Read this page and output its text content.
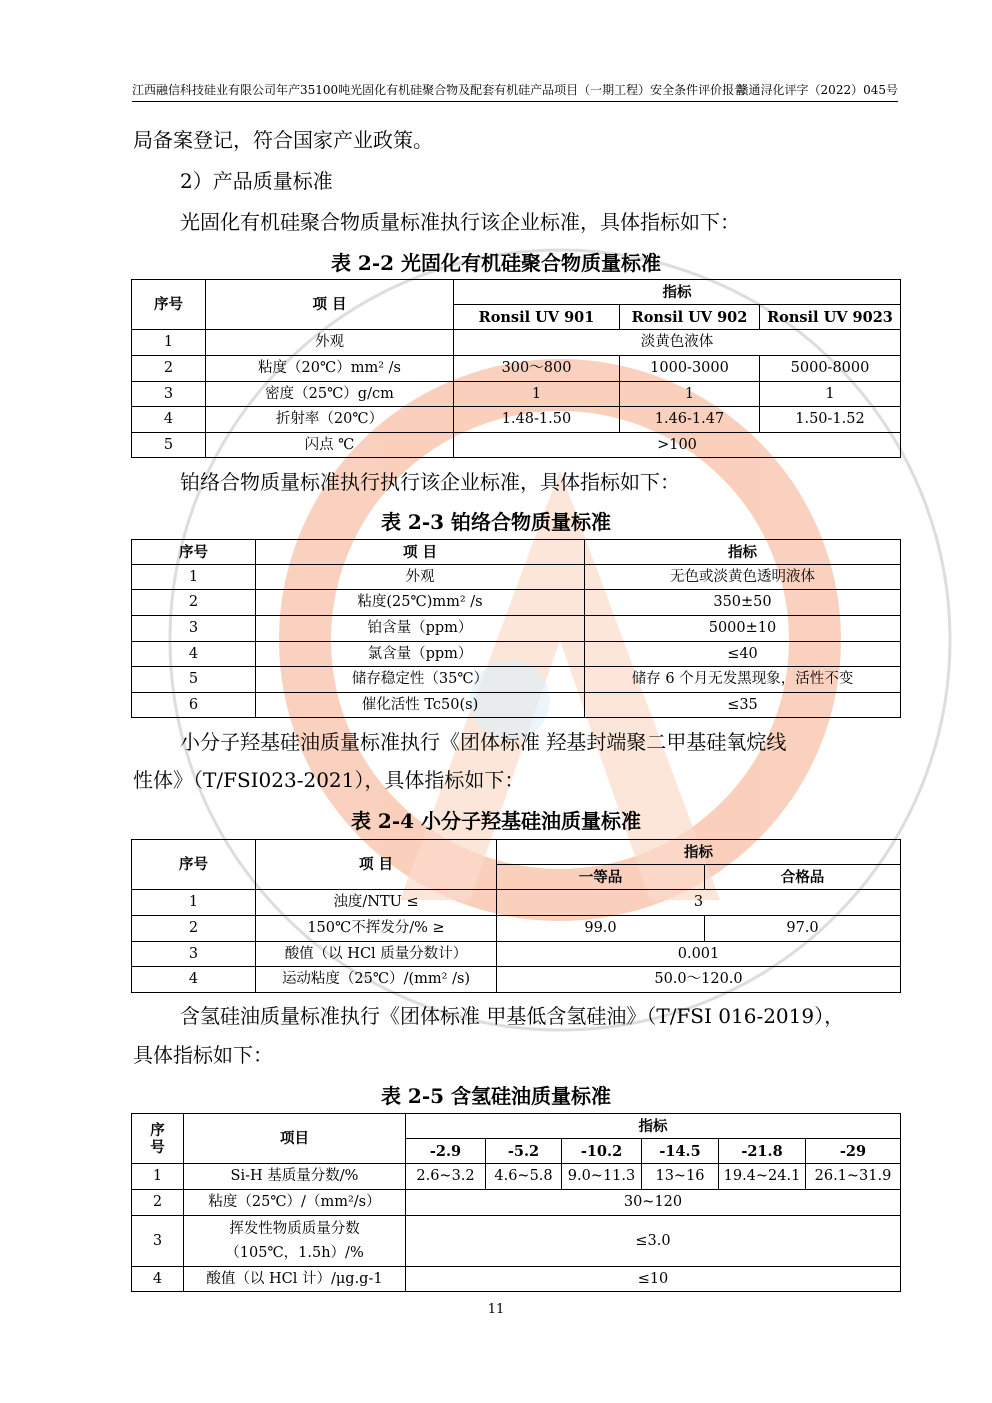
江西融信科技硅业有限公司年产35100吨光固化有机硅聚合物及配套有机硅产品项目（一期工程）安全条件评价报告
赣通浔化评字（2022）045号
局备案登记，符合国家产业政策。
2）产品质量标准
光固化有机硅聚合物质量标准执行该企业标准，具体指标如下：
表 2-2 光固化有机硅聚合物质量标准
序号	项 目	指标		
		Ronsil UV 901	Ronsil UV 902	Ronsil UV 9023
1	外观	淡黄色液体		
2	粘度（20℃）mm² /s	300～800	1000-3000	5000-8000
3	密度（25℃）g/cm	1	1	1
4	折射率（20℃）	1.48-1.50	1.46-1.47	1.50-1.52
5	闪点 ℃	>100		
铂络合物质量标准执行执行该企业标准，具体指标如下：
表 2-3 铂络合物质量标准
序号	项 目	指标
1	外观	无色或淡黄色透明液体
2	粘度(25℃)mm² /s	350±50
3	铂含量（ppm）	5000±10
4	氯含量（ppm）	≤40
5	储存稳定性（35℃）	储存 6 个月无发黑现象，活性不变
6	催化活性 Tc50(s)	≤35
小分子羟基硅油质量标准执行《团体标准 羟基封端聚二甲基硅氧烷线
性体》（T/FSI023-2021），具体指标如下：
表 2-4 小分子羟基硅油质量标准
序号	项 目	指标	
		一等品	合格品
1	浊度/NTU ≤	3	
2	150℃不挥发分/% ≥	99.0	97.0
3	酸值（以 HCl 质量分数计）	0.001	
4	运动粘度（25℃）/(mm² /s)	50.0～120.0	
含氢硅油质量标准执行《团体标准 甲基低含氢硅油》（T/FSI 016-2019），
具体指标如下：
表 2-5 含氢硅油质量标准
序
号	项目	指标					
		-2.9	-5.2	-10.2	-14.5	-21.8	-29
1	Si-H 基质量分数/%	2.6~3.2	4.6~5.8	9.0~11.3	13~16	19.4~24.1	26.1~31.9
2	粘度（25℃）/（mm²/s）	30~120					
3	挥发性物质质量分数
（105℃，1.5h）/%	≤3.0					
4	酸值（以 HCl 计）/μg.g-1	≤10					
11
